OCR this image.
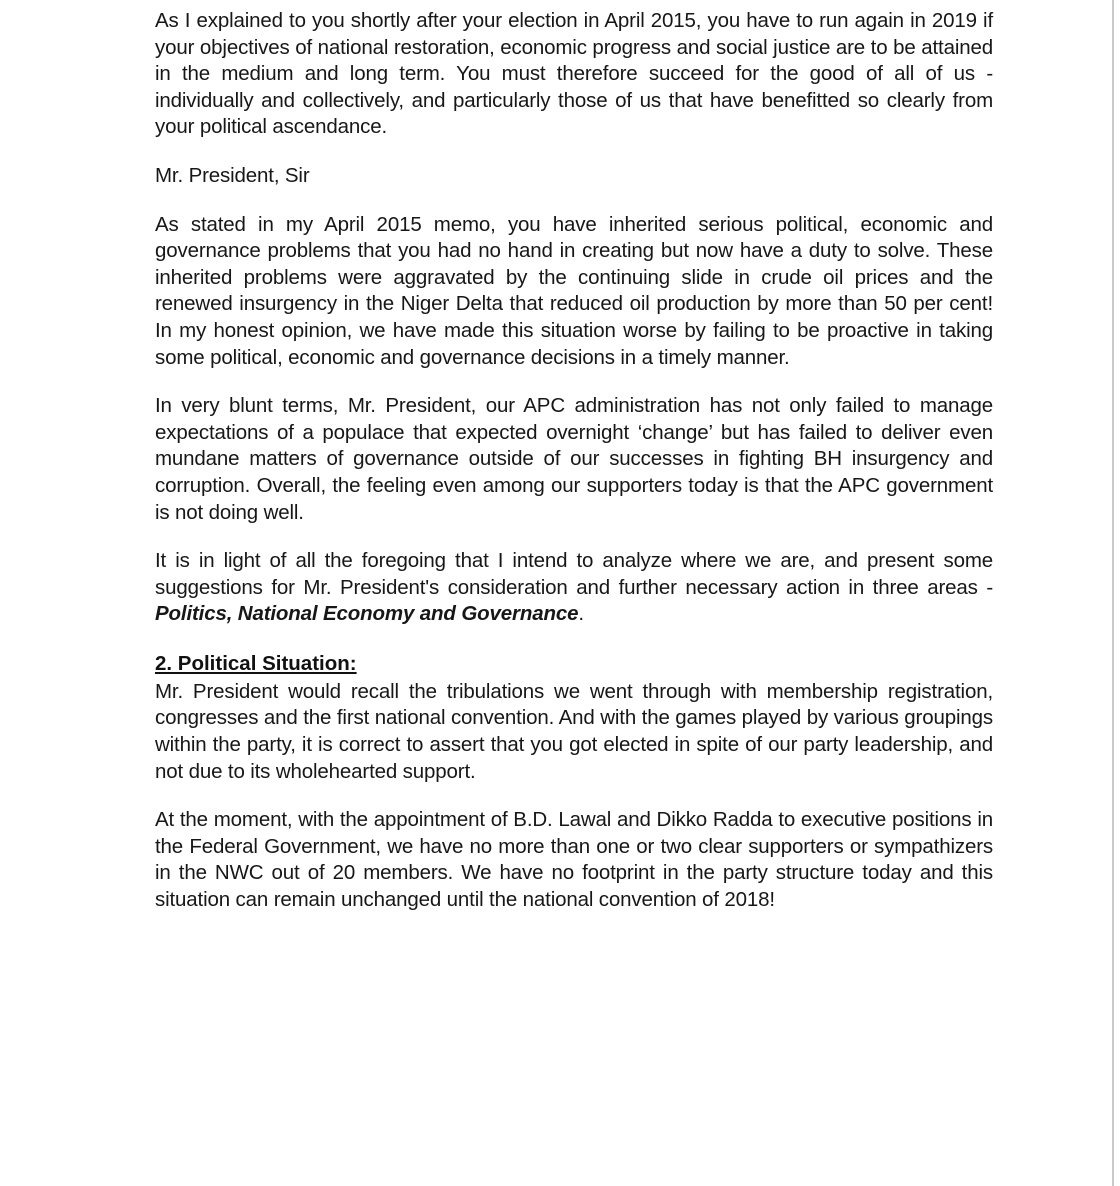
As I explained to you shortly after your election in April 2015, you have to run again in 2019 if your objectives of national restoration, economic progress and social justice are to be attained in the medium and long term. You must therefore succeed for the good of all of us - individually and collectively, and particularly those of us that have benefitted so clearly from your political ascendance.

Mr. President, Sir

As stated in my April 2015 memo, you have inherited serious political, economic and governance problems that you had no hand in creating but now have a duty to solve. These inherited problems were aggravated by the continuing slide in crude oil prices and the renewed insurgency in the Niger Delta that reduced oil production by more than 50 per cent! In my honest opinion, we have made this situation worse by failing to be proactive in taking some political, economic and governance decisions in a timely manner.

In very blunt terms, Mr. President, our APC administration has not only failed to manage expectations of a populace that expected overnight ‘change’ but has failed to deliver even mundane matters of governance outside of our successes in fighting BH insurgency and corruption. Overall, the feeling even among our supporters today is that the APC government is not doing well.

It is in light of all the foregoing that I intend to analyze where we are, and present some suggestions for Mr. President's consideration and further necessary action in three areas - Politics, National Economy and Governance.

2. Political Situation:

Mr. President would recall the tribulations we went through with membership registration, congresses and the first national convention. And with the games played by various groupings within the party, it is correct to assert that you got elected in spite of our party leadership, and not due to its wholehearted support.

At the moment, with the appointment of B.D. Lawal and Dikko Radda to executive positions in the Federal Government, we have no more than one or two clear supporters or sympathizers in the NWC out of 20 members. We have no footprint in the party structure today and this situation can remain unchanged until the national convention of 2018!
